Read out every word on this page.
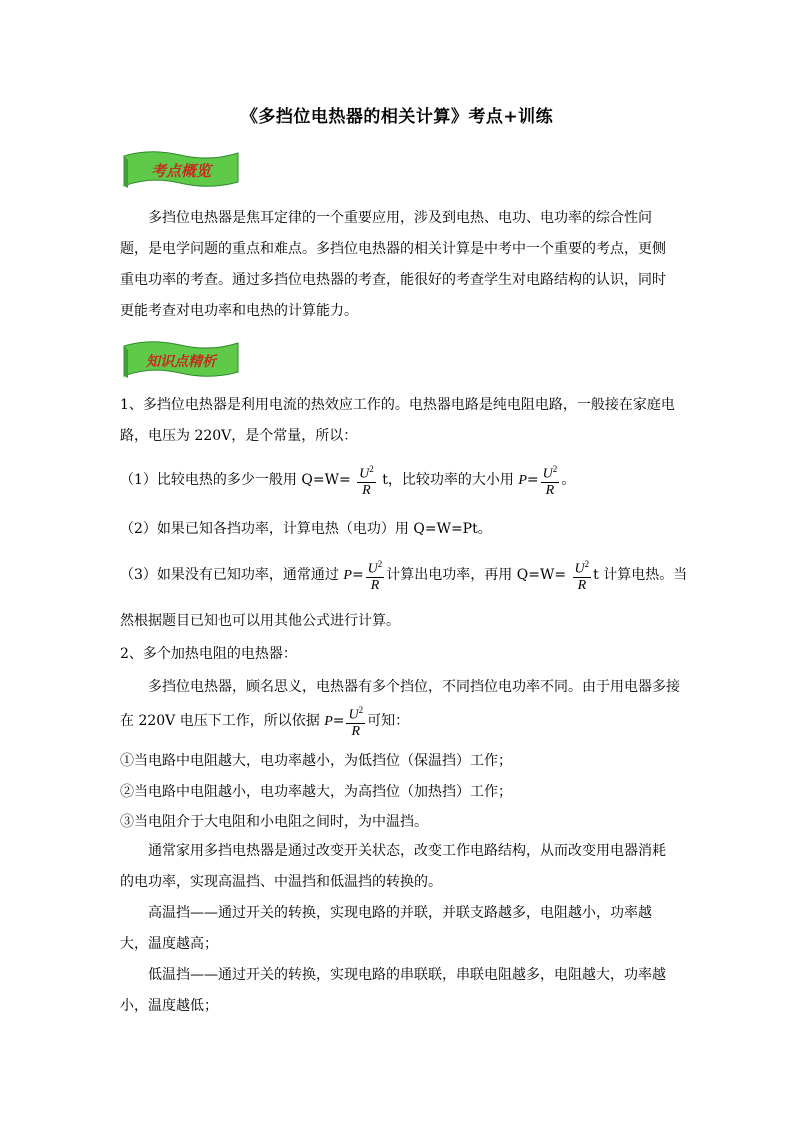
《多挡位电热器的相关计算》考点+训练
考点概览

多挡位电热器是焦耳定律的一个重要应用，涉及到电热、电功、电功率的综合性问题，是电学问题的重点和难点。多挡位电热器的相关计算是中考中一个重要的考点，更侧重电功率的考查。通过多挡位电热器的考查，能很好的考查学生对电路结构的认识，同时更能考查对电功率和电热的计算能力。

知识点精析

1、多挡位电热器是利用电流的热效应工作的。电热器电路是纯电阻电路，一般接在家庭电路，电压为 220V，是个常量，所以：

（1）比较电热的多少一般用 $Q=W= \frac{U^2}{R}$ t，比较功率的大小用 $P= \frac{U^2}{R}$ 。
（2）如果已知各挡功率，计算电热（电功）用 Q=W=Pt。
（3）如果没有已知功率，通常通过 $P= \frac{U^2}{R}$ 计算出电功率，再用 $Q=W= \frac{U^2}{R}$ t 计算电热。当
然根据题目已知也可以用其他公式进行计算。
2、多个加热电阻的电热器：
多挡位电热器，顾名思义，电热器有多个挡位，不同挡位电功率不同。由于用电器多接
在 220V 电压下工作，所以依据 $P= \frac{U^2}{R}$ 可知：
①当电路中电阻越大，电功率越小，为低挡位（保温挡）工作；
②当电路中电阻越小，电功率越大，为高挡位（加热挡）工作；
③当电阻介于大电阻和小电阻之间时，为中温挡。

通常家用多挡电热器是通过改变开关状态，改变工作电路结构，从而改变用电器消耗的电功率，实现高温挡、中温挡和低温挡的转换的。

高温挡——通过开关的转换，实现电路的并联，并联支路越多，电阻越小，功率越大，温度越高；

低温挡——通过开关的转换，实现电路的串联联，串联电阻越多，电阻越大，功率越小，温度越低；
